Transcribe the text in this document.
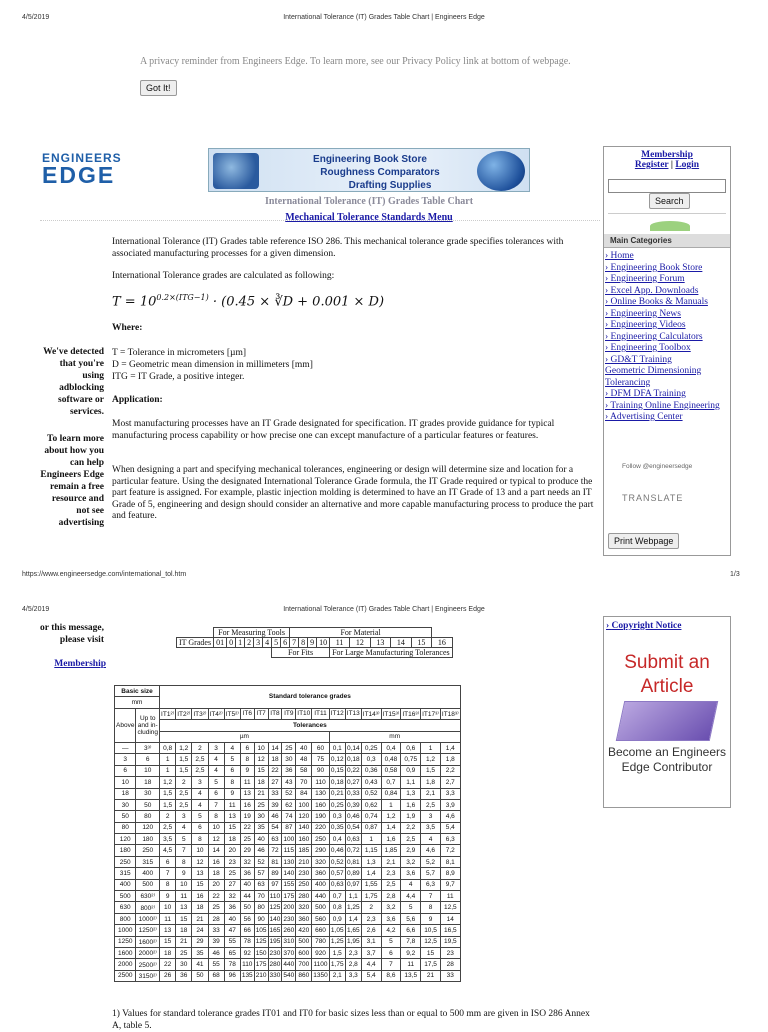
4/5/2019	International Tolerance (IT) Grades Table Chart | Engineers Edge
A privacy reminder from Engineers Edge. To learn more, see our Privacy Policy link at bottom of webpage.
Got It!
ENGINEERS
EDGE
Engineering Book Store
Roughness Comparators
Drafting Supplies
International Tolerance (IT) Grades Table Chart
Mechanical Tolerance Standards Menu
International Tolerance (IT) Grades table reference ISO 286. This mechanical tolerance grade specifies tolerances with associated manufacturing processes for a given dimension.
International Tolerance grades are calculated as following:
$T = 10^{0.2\times(ITG-1)} \cdot (0.45$ × ∛D + 0.001 × D)
Where:
T = Tolerance in micrometers [µm]
D = Geometric mean dimension in millimeters [mm]
ITG = IT Grade, a positive integer.
Application:
Most manufacturing processes have an IT Grade designated for specification. IT grades provide guidance for typical manufacturing process capability or how precise one can except manufacture of a particular features or features.
When designing a part and specifying mechanical tolerances, engineering or design will determine size and location for a particular feature. Using the designated International Tolerance Grade formula, the IT Grade required or typical to produce the part feature is assigned. For example, plastic injection molding is determined to have an IT Grade of 13 and a part needs an IT Grade of 5, engineering and design should consider an alternative and more capable manufacturing process to produce the part and feature.
We've detected that you're using adblocking software or services.
To learn more about how you can help Engineers Edge remain a free resource and not see advertising
Membership
Register | Login
Search
Main Categories
› Home
› Engineering Book Store
› Engineering Forum
› Excel App. Downloads
› Online Books & Manuals
› Engineering News
› Engineering Videos
› Engineering Calculators
› Engineering Toolbox
› GD&T Training
Geometric Dimensioning Tolerancing
› DFM DFA Training
› Training Online Engineering
› Advertising Center
Follow @engineersedge
TRANSLATE
Print Webpage
https://www.engineersedge.com/international_tol.htm	1/3
4/5/2019	International Tolerance (IT) Grades Table Chart | Engineers Edge
or this message, please visit
Membership
	For Measuring Tools								For Material									
IT Grades	01	0	1	2	3	4	5	6	7	8	9	10	11	12	13	14	15	16
							For Fits						For Large Manufacturing Tolerances					
Basic size		Standard tolerance grades																	
mm																			
Above	Up to and in-cluding	IT1²⁾	IT2²⁾	IT3²⁾	IT4²⁾	IT5²⁾	IT6	IT7	IT8	IT9	IT10	IT11	IT12	IT13	IT14³⁾	IT15³⁾	IT16³⁾	IT17³⁾	IT18³⁾
		Tolerances																	
		µm											mm						
—	3³⁾	0,8	1,2	2	3	4	6	10	14	25	40	60	0,1	0,14	0,25	0,4	0,6	1	1,4
3	6	1	1,5	2,5	4	5	8	12	18	30	48	75	0,12	0,18	0,3	0,48	0,75	1,2	1,8
6	10	1	1,5	2,5	4	6	9	15	22	36	58	90	0,15	0,22	0,36	0,58	0,9	1,5	2,2
10	18	1,2	2	3	5	8	11	18	27	43	70	110	0,18	0,27	0,43	0,7	1,1	1,8	2,7
18	30	1,5	2,5	4	6	9	13	21	33	52	84	130	0,21	0,33	0,52	0,84	1,3	2,1	3,3
30	50	1,5	2,5	4	7	11	16	25	39	62	100	160	0,25	0,39	0,62	1	1,6	2,5	3,9
50	80	2	3	5	8	13	19	30	46	74	120	190	0,3	0,46	0,74	1,2	1,9	3	4,6
80	120	2,5	4	6	10	15	22	35	54	87	140	220	0,35	0,54	0,87	1,4	2,2	3,5	5,4
120	180	3,5	5	8	12	18	25	40	63	100	160	250	0,4	0,63	1	1,6	2,5	4	6,3
180	250	4,5	7	10	14	20	29	46	72	115	185	290	0,46	0,72	1,15	1,85	2,9	4,6	7,2
250	315	6	8	12	16	23	32	52	81	130	210	320	0,52	0,81	1,3	2,1	3,2	5,2	8,1
315	400	7	9	13	18	25	36	57	89	140	230	360	0,57	0,89	1,4	2,3	3,6	5,7	8,9
400	500	8	10	15	20	27	40	63	97	155	250	400	0,63	0,97	1,55	2,5	4	6,3	9,7
500	630²⁾	9	11	16	22	32	44	70	110	175	280	440	0,7	1,1	1,75	2,8	4,4	7	11
630	800²⁾	10	13	18	25	36	50	80	125	200	320	500	0,8	1,25	2	3,2	5	8	12,5
800	1000²⁾	11	15	21	28	40	56	90	140	230	360	560	0,9	1,4	2,3	3,6	5,6	9	14
1000	1250²⁾	13	18	24	33	47	66	105	165	260	420	660	1,05	1,65	2,6	4,2	6,6	10,5	16,5
1250	1600²⁾	15	21	29	39	55	78	125	195	310	500	780	1,25	1,95	3,1	5	7,8	12,5	19,5
1600	2000²⁾	18	25	35	46	65	92	150	230	370	600	920	1,5	2,3	3,7	6	9,2	15	23
2000	2500²⁾	22	30	41	55	78	110	175	280	440	700	1100	1,75	2,8	4,4	7	11	17,5	28
2500	3150²⁾	26	36	50	68	96	135	210	330	540	860	1350	2,1	3,3	5,4	8,6	13,5	21	33
1) Values for standard tolerance grades IT01 and IT0 for basic sizes less than or equal to 500 mm are given in ISO 286 Annex A, table 5.
› Copyright Notice
Submit an Article
Become an Engineers Edge Contributor
